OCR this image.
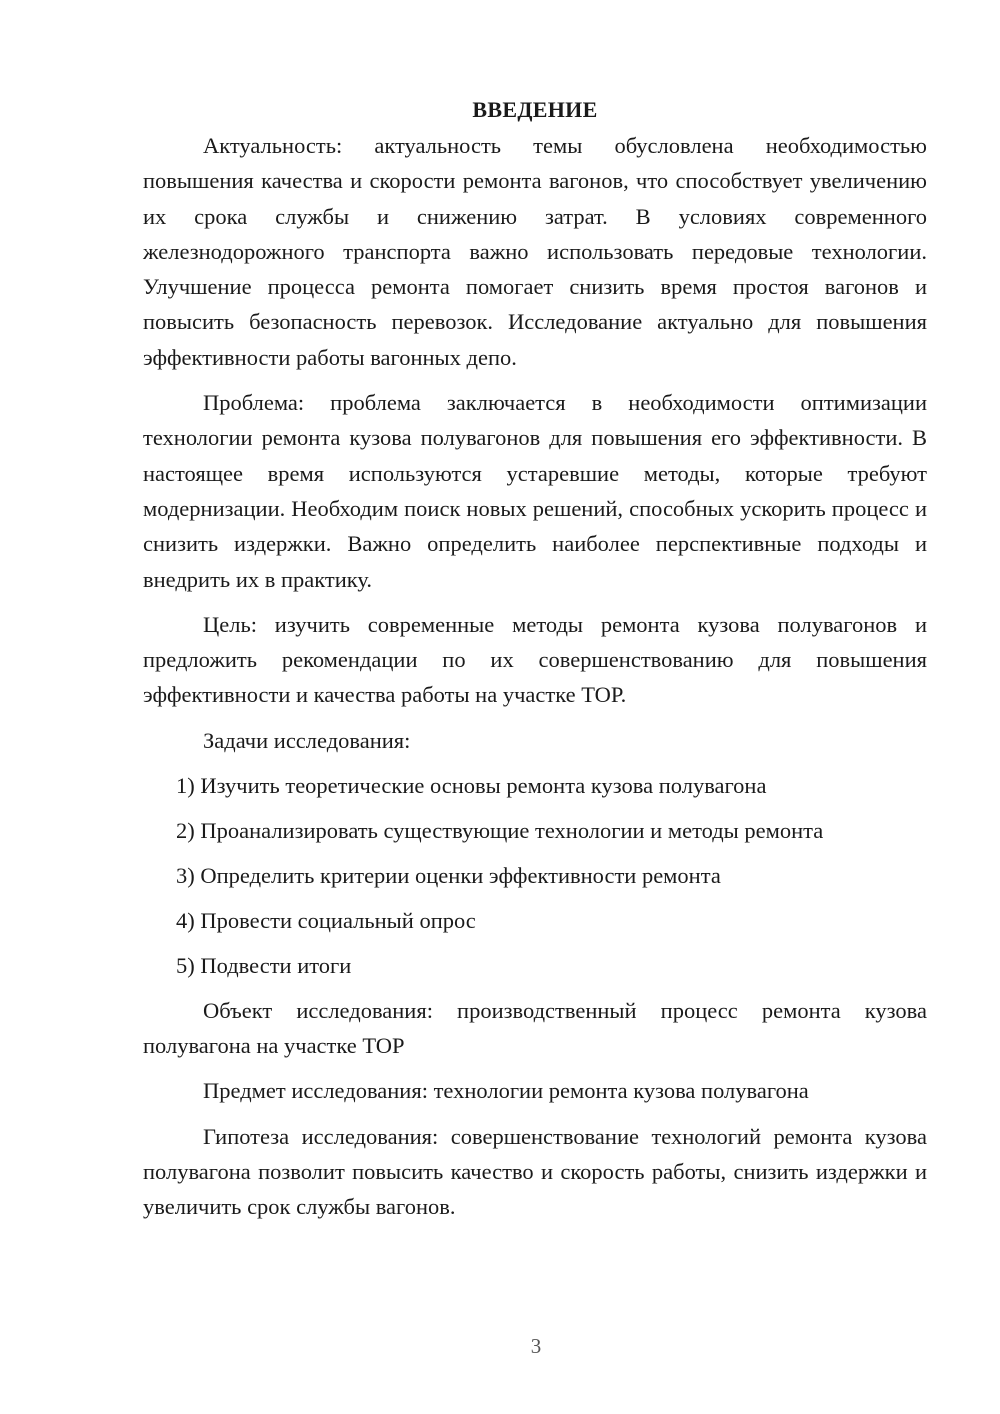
ВВЕДЕНИЕ

Актуальность: актуальность темы обусловлена необходимостью повышения качества и скорости ремонта вагонов, что способствует увеличению их срока службы и снижению затрат. В условиях современного железнодорожного транспорта важно использовать передовые технологии. Улучшение процесса ремонта помогает снизить время простоя вагонов и повысить безопасность перевозок. Исследование актуально для повышения эффективности работы вагонных депо.

Проблема: проблема заключается в необходимости оптимизации технологии ремонта кузова полувагонов для повышения его эффективности. В настоящее время используются устаревшие методы, которые требуют модернизации. Необходим поиск новых решений, способных ускорить процесс и снизить издержки. Важно определить наиболее перспективные подходы и внедрить их в практику.

Цель: изучить современные методы ремонта кузова полувагонов и предложить рекомендации по их совершенствованию для повышения эффективности и качества работы на участке ТОР.

Задачи исследования:
1) Изучить теоретические основы ремонта кузова полувагона
2) Проанализировать существующие технологии и методы ремонта
3) Определить критерии оценки эффективности ремонта
4) Провести социальный опрос
5) Подвести итоги

Объект исследования: производственный процесс ремонта кузова полувагона на участке ТОР

Предмет исследования: технологии ремонта кузова полувагона

Гипотеза исследования: совершенствование технологий ремонта кузова полувагона позволит повысить качество и скорость работы, снизить издержки и увеличить срок службы вагонов.

3
